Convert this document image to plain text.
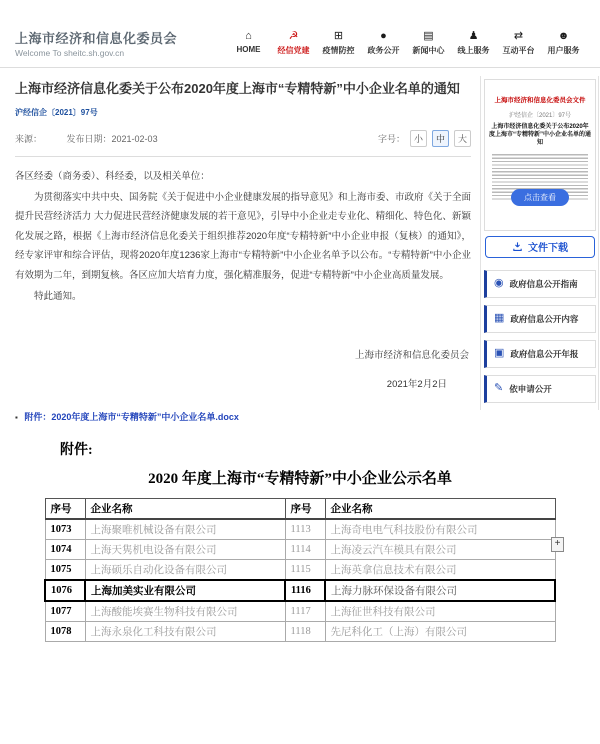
上海市经济和信息化委员会
Welcome To sheitc.sh.gov.cn
⌂
HOME
☭
经信党建
⊞
疫情防控
●
政务公开
▤
新闻中心
♟
线上服务
⇄
互动平台
☻
用户服务
上海市经济信息化委关于公布2020年度上海市“专精特新”中小企业名单的通知
沪经信企〔2021〕97号
来源：	发布日期：2021-02-03	字号： 小	中	大

各区经委（商务委）、科经委，以及相关单位：

为贯彻落实中共中央、国务院《关于促进中小企业健康发展的指导意见》和上海市委、市政府《关于全面提升民营经济活力 大力促进民营经济健康发展的若干意见》，引导中小企业走专业化、精细化、特色化、新颖化发展之路，根据《上海市经济信息化委关于组织推荐2020年度“专精特新”中小企业申报（复核）的通知》，经专家评审和综合评估，现将2020年度1236家上海市“专精特新”中小企业名单予以公布。“专精特新”中小企业有效期为二年，到期复核。各区应加大培育力度，强化精准服务，促进“专精特新”中小企业高质量发展。

特此通知。

上海市经济和信息化委员会
2021年2月2日
▪ 附件：2020年度上海市“专精特新”中小企业名单.docx
上海市经济和信息化委员会文件
沪经信企〔2021〕97号
上海市经济信息化委关于公布2020年度上海市“专精特新”中小企业名单的通知
点击查看
文件下载
◉ 政府信息公开指南
▦ 政府信息公开内容
▣ 政府信息公开年报
✎ 依申请公开
附件:
2020 年度上海市“专精特新”中小企业公示名单
序号	企业名称	序号	企业名称
1073	上海聚唯机械设备有限公司	1113	上海奇电电气科技股份有限公司
1074	上海天隽机电设备有限公司	1114	上海凌云汽车模具有限公司
1075	上海硕乐自动化设备有限公司	1115	上海英拿信息技术有限公司
1076	上海加美实业有限公司	1116	上海力脉环保设备有限公司
1077	上海酸能埃赛生物科技有限公司	1117	上海征世科技有限公司
1078	上海永泉化工科技有限公司	1118	先尼科化工（上海）有限公司
+
